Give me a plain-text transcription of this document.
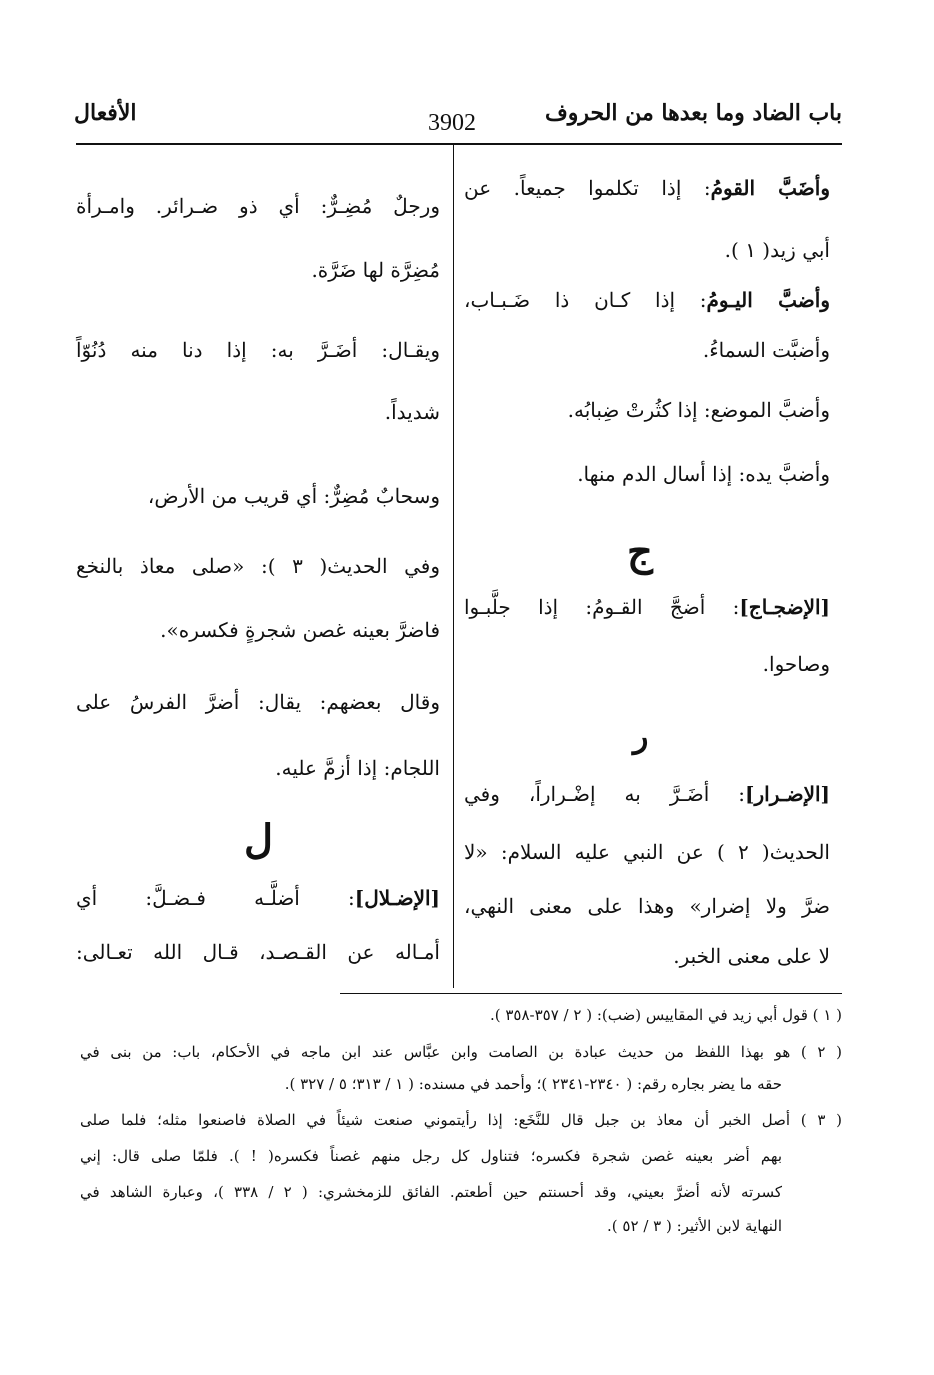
باب الضاد وما بعدها من الحروف
3902
الأفعال
وأضَبَّ القومُ: إذا تكلموا جميعاً. عن
أبي زيد( ١ ).
وأضبَّ اليـومُ: إذا كـان ذا ضَـبـاب،
وأضبَّت السماءُ.
وأضبَّ الموضع: إذا كثُرتْ ضِبابُه.
وأضبَّ يده: إذا أسال الدم منها.
ج
[الإضجـاج]: أضجَّ القـومُ: إذا جلَّبـوا
وصاحوا.
ر
[الإضـرار]: أضَـرَّ به إضْـراراً، وفي
الحديث( ٢ ) عن النبي عليه السلام: «لا
ضرَّ ولا إضرار» وهذا على معنى النهي،
لا على معنى الخبر.
ورجلٌ مُضِـرٌّ: أي ذو ضـرائر. وامـرأة
مُضِرَّة لها ضَرَّة.
ويقـال: أضَـرَّ به: إذا دنا منه دُنُوّاً
شديداً.
وسحابٌ مُضِرٌّ: أي قريب من الأرض،
وفي الحديث( ٣ ): «صلى معاذ بالنخع
فاضرَّ بعينه غصن شجرةٍ فكسره».
وقال بعضهم: يقال: أضرَّ الفرسُ على
اللجام: إذا أزمَّ عليه.
ل
[الإضـلال]: أضلَّـه فـضـلَّ: أي
أمـاله عن القـصـد، قـال الله تعـالى:
( ١ ) قول أبي زيد في المقاييس (ضب): ( ٢ / ٣٥٧-٣٥٨ ).
( ٢ ) هو بهذا اللفظ من حديث عبادة بن الصامت وابن عبَّاس عند ابن ماجه في الأحكام، باب: من بنى في
حقه ما يضر بجاره رقم: ( ٢٣٤٠-٢٣٤١ )؛ وأحمد في مسنده: ( ١ / ٣١٣؛ ٥ / ٣٢٧ ).
( ٣ ) أصل الخبر أن معاذ بن جبل قال للنَّخَع: إذا رأيتموني صنعت شيئاً في الصلاة فاصنعوا مثله؛ فلما صلى
بهم أضر بعينه غصن شجرة فكسره؛ فتناول كل رجل منهم غصناً فكسره( ! ). فلمّا صلى قال: إني
كسرته لأنه أضرَّ بعيني، وقد أحسنتم حين أطعتم. الفائق للزمخشري: ( ٢ / ٣٣٨ )، وعبارة الشاهد في
النهاية لابن الأثير: ( ٣ / ٥٢ ).
